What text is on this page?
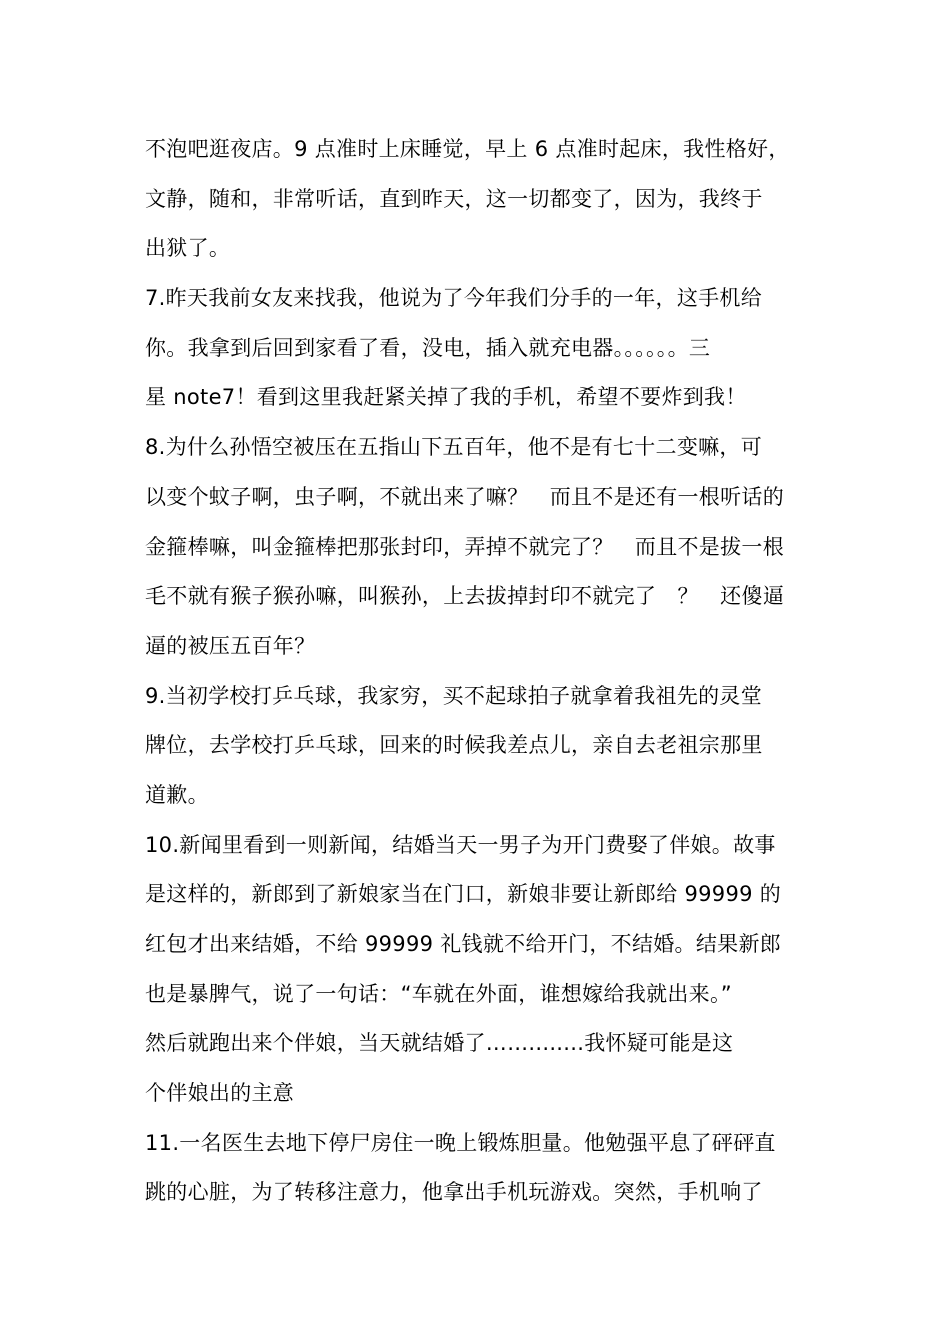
不泡吧逛夜店。9 点准时上床睡觉，早上 6 点准时起床，我性格好，
文静，随和，非常听话，直到昨天，这一切都变了，因为，我终于
出狱了。
7.昨天我前女友来找我，他说为了今年我们分手的一年，这手机给
你。我拿到后回到家看了看，没电，插入就充电器。。。。。。三
星 note7！看到这里我赶紧关掉了我的手机，希望不要炸到我！
8.为什么孙悟空被压在五指山下五百年，他不是有七十二变嘛，可
以变个蚊子啊，虫子啊，不就出来了嘛？　而且不是还有一根听话的
金箍棒嘛，叫金箍棒把那张封印，弄掉不就完了？　而且不是拔一根
毛不就有猴子猴孙嘛，叫猴孙，上去拔掉封印不就完了　？　还傻逼
逼的被压五百年？
9.当初学校打乒乓球，我家穷，买不起球拍子就拿着我祖先的灵堂
牌位，去学校打乒乓球，回来的时候我差点儿，亲自去老祖宗那里
道歉。
10.新闻里看到一则新闻，结婚当天一男子为开门费娶了伴娘。故事
是这样的，新郎到了新娘家当在门口，新娘非要让新郎给 99999 的
红包才出来结婚，不给 99999 礼钱就不给开门，不结婚。结果新郎
也是暴脾气，说了一句话：“车就在外面，谁想嫁给我就出来。”
然后就跑出来个伴娘，当天就结婚了……........我怀疑可能是这
个伴娘出的主意
11.一名医生去地下停尸房住一晚上锻炼胆量。他勉强平息了砰砰直
跳的心脏，为了转移注意力，他拿出手机玩游戏。突然，手机响了
